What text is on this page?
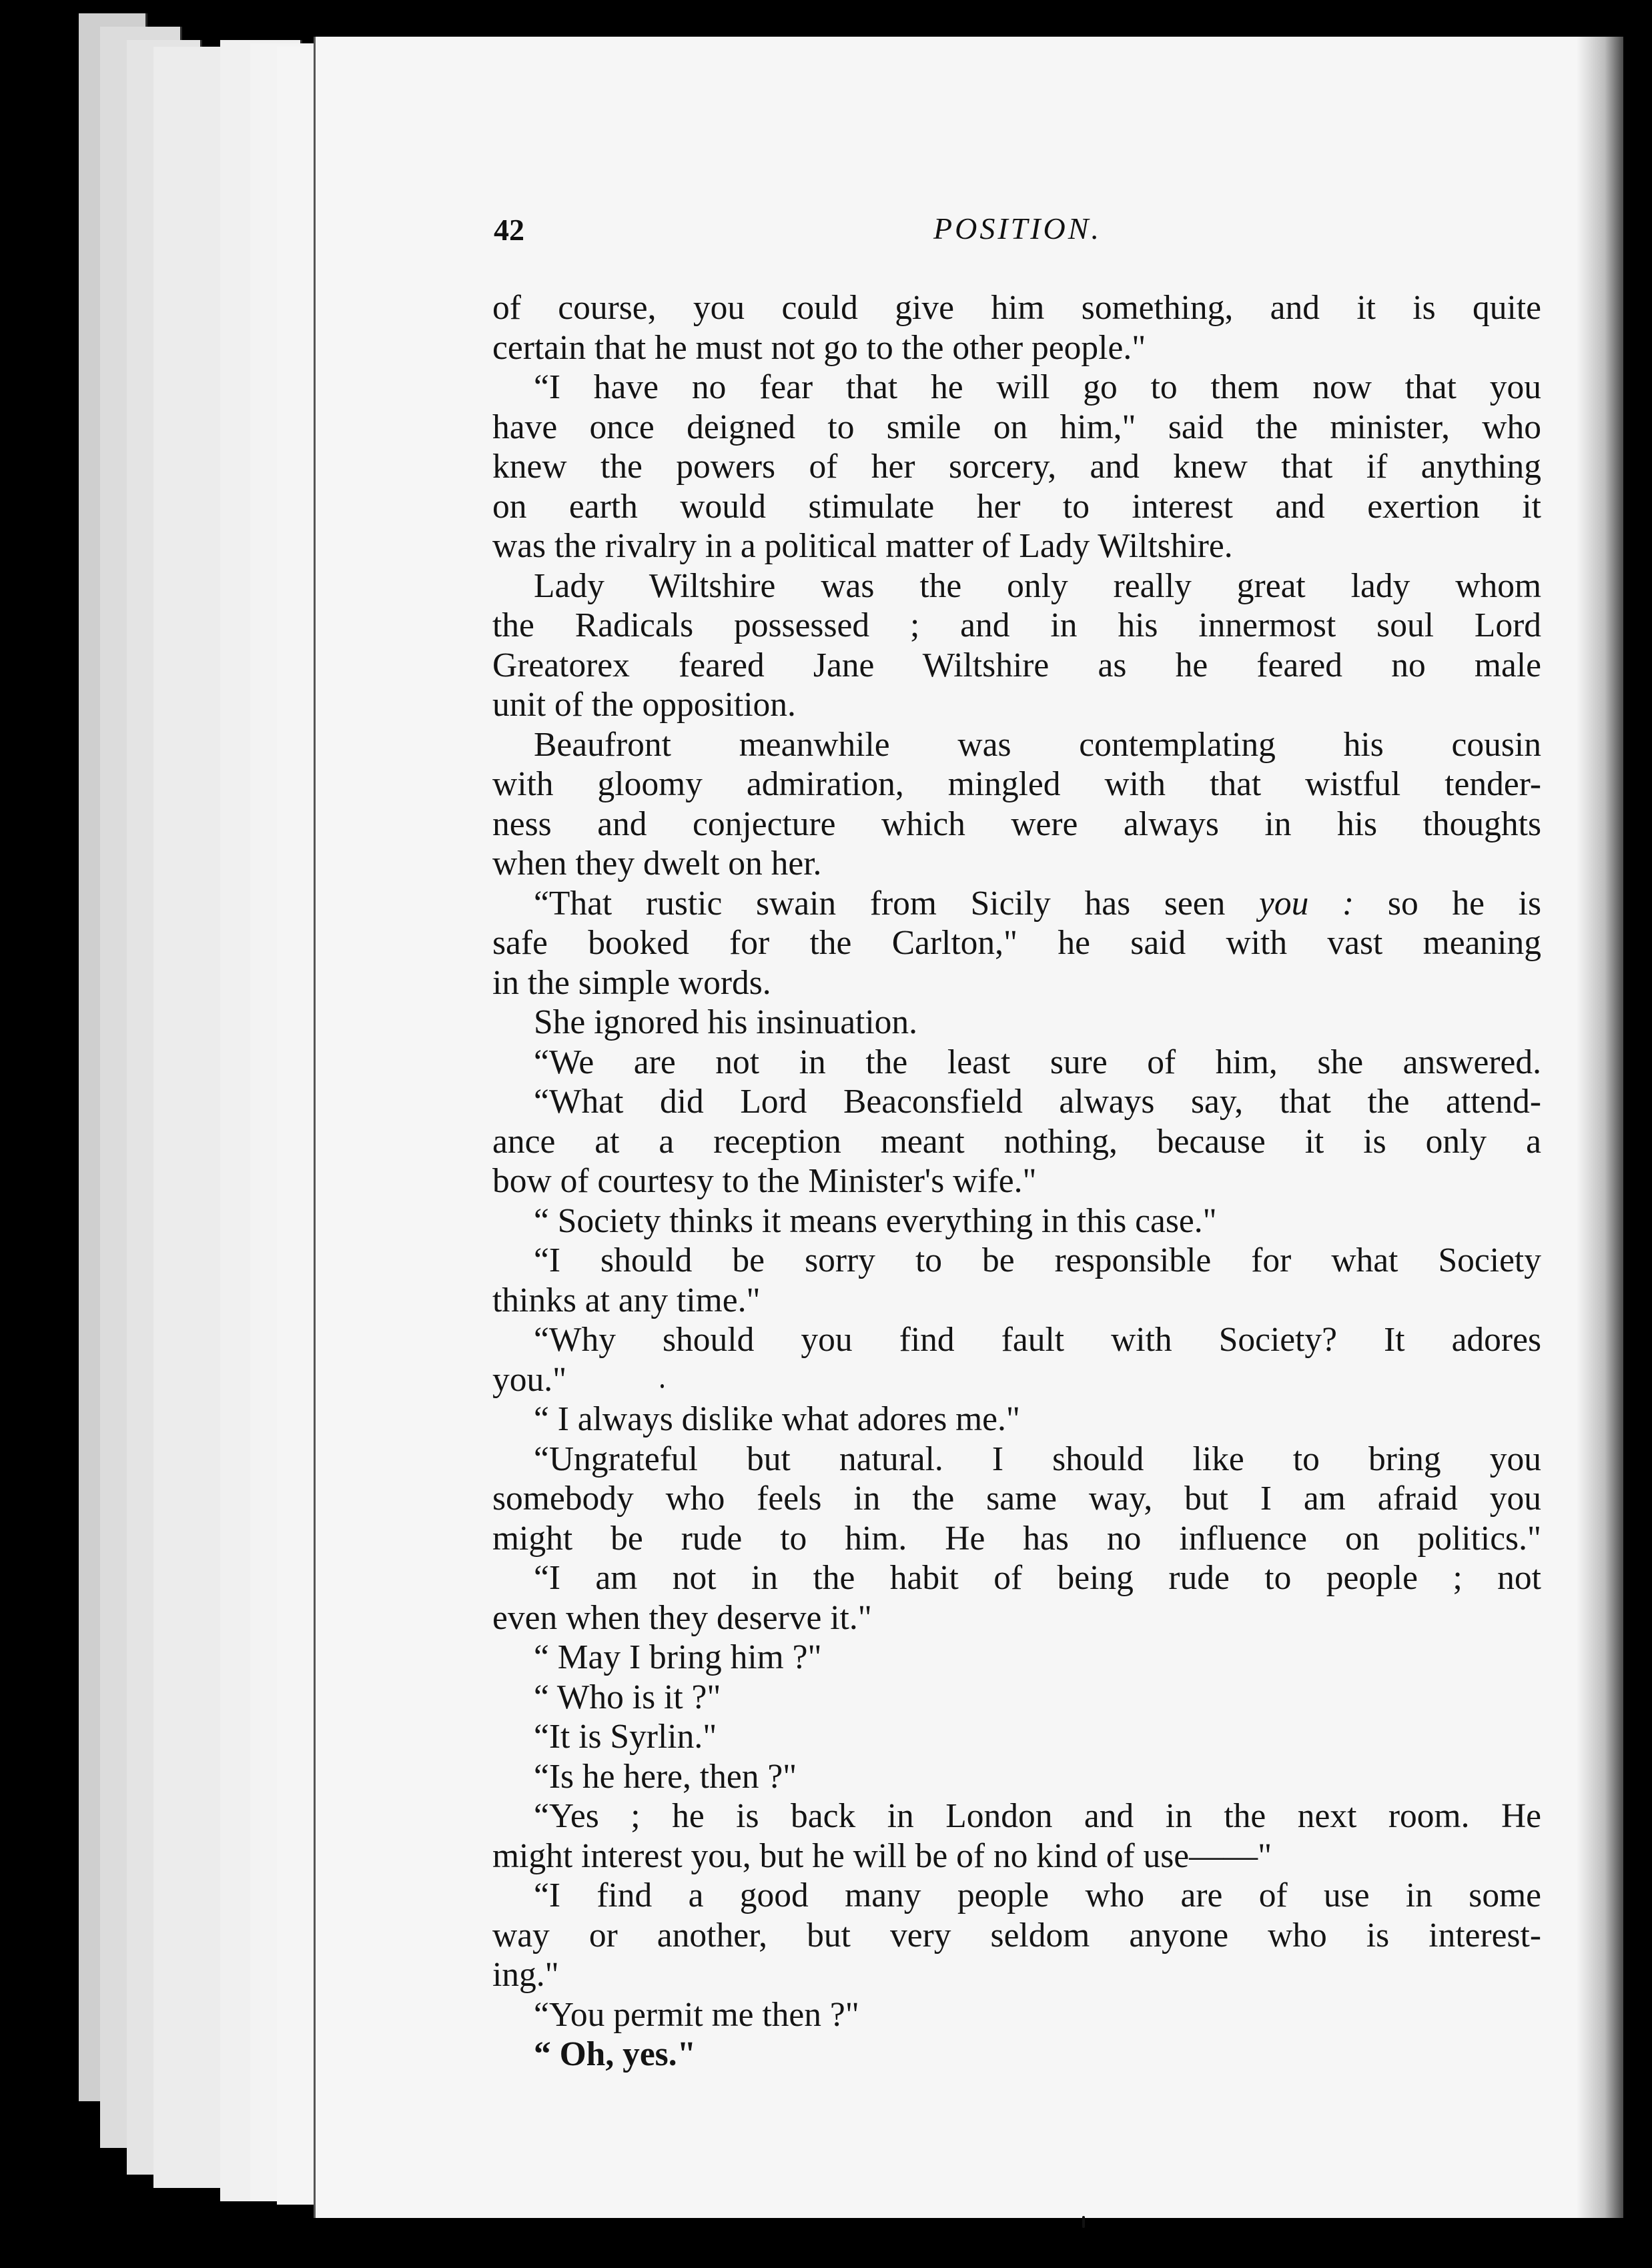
42	POSITION.
of course, you could give him something, and it is quite
certain that he must not go to the other people."
“I have no fear that he will go to them now that you
have once deigned to smile on him," said the minister, who
knew the powers of her sorcery, and knew that if anything
on earth would stimulate her to interest and exertion it
was the rivalry in a political matter of Lady Wiltshire.
Lady Wiltshire was the only really great lady whom
the Radicals possessed ; and in his innermost soul Lord
Greatorex feared Jane Wiltshire as he feared no male
unit of the opposition.
Beaufront meanwhile was contemplating his cousin
with gloomy admiration, mingled with that wistful tender-
ness and conjecture which were always in his thoughts
when they dwelt on her.
“That rustic swain from Sicily has seen you : so he is
safe booked for the Carlton," he said with vast meaning
in the simple words.
She ignored his insinuation.
“We are not in the least sure of him, she answered.
“What did Lord Beaconsfield always say, that the attend-
ance at a reception meant nothing, because it is only a
bow of courtesy to the Minister's wife."
“ Society thinks it means everything in this case."
“I should be sorry to be responsible for what Society
thinks at any time."
“Why should you find fault with Society? It adores
you."
“ I always dislike what adores me."
“Ungrateful but natural. I should like to bring you
somebody who feels in the same way, but I am afraid you
might be rude to him. He has no influence on politics."
“I am not in the habit of being rude to people ; not
even when they deserve it."
“ May I bring him ?"
“ Who is it ?"
“It is Syrlin."
“Is he here, then ?"
“Yes ; he is back in London and in the next room. He
might interest you, but he will be of no kind of use——"
“I find a good many people who are of use in some
way or another, but very seldom anyone who is interest-
ing."
“You permit me then ?"
“ Oh, yes."
